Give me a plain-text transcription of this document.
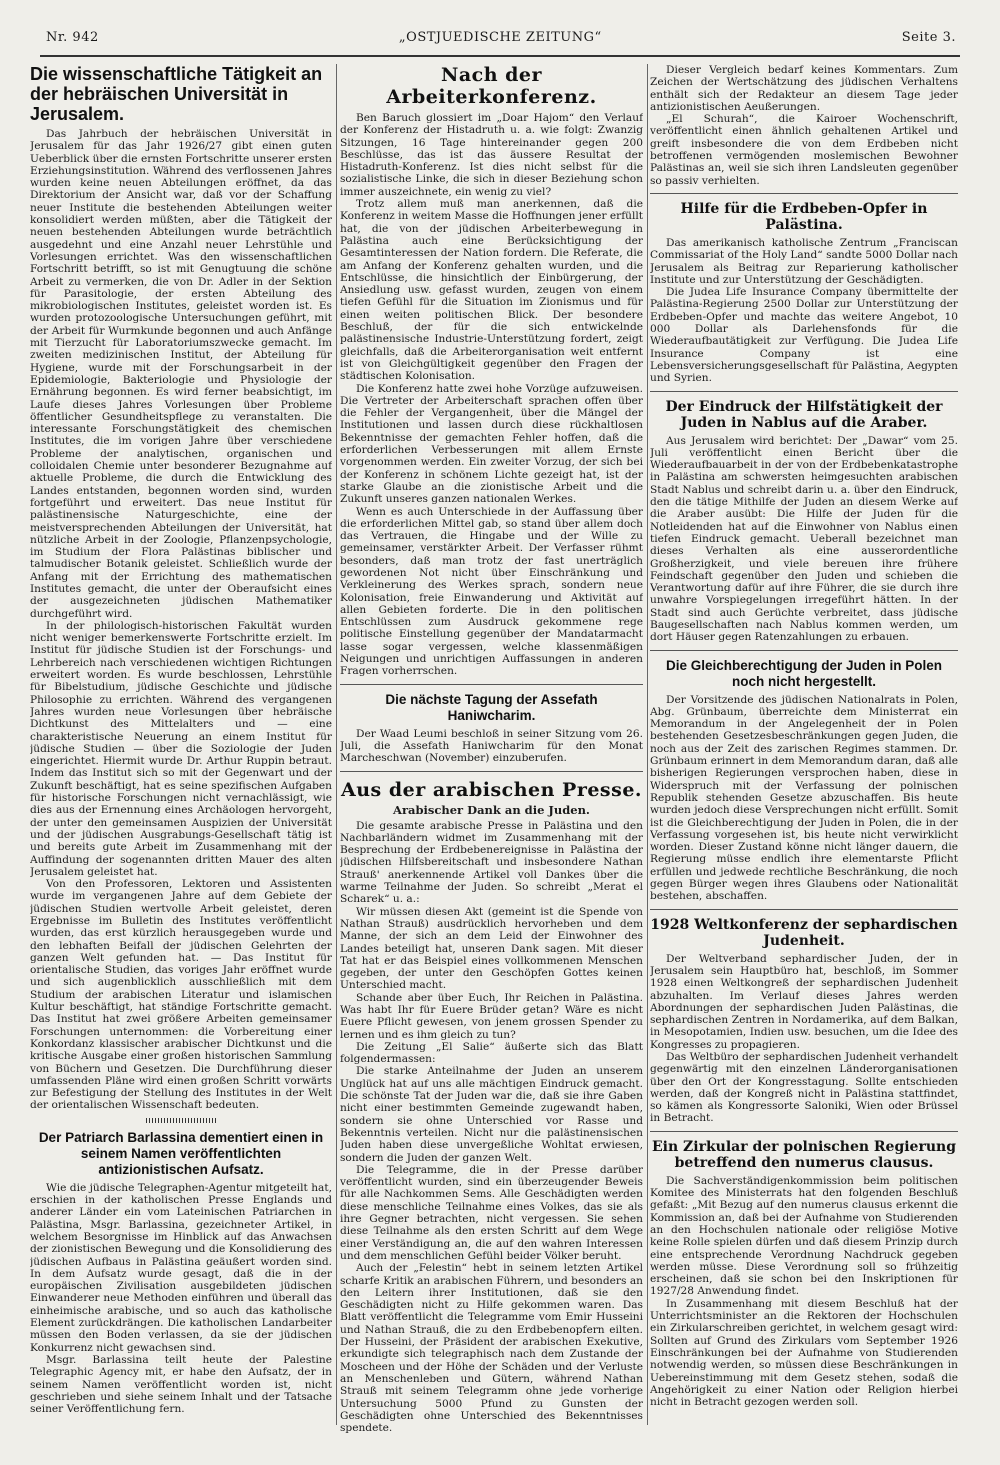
Nr. 942	„OSTJUEDISCHE ZEITUNG“	Seite 3.
Die wissenschaftliche Tätigkeit an der hebräischen Universität in Jerusalem.

Das Jahrbuch der hebräischen Universität in Jerusalem für das Jahr 1926/27 gibt einen guten Ueberblick über die ernsten Fortschritte unserer ersten Erziehungsinstitution. Während des verflossenen Jahres wurden keine neuen Abteilungen eröffnet, da das Direktorium der Ansicht war, daß vor der Schaffung neuer Institute die bestehenden Abteilungen weiter konsolidiert werden müßten, aber die Tätigkeit der neuen bestehenden Abteilungen wurde beträchtlich ausgedehnt und eine Anzahl neuer Lehrstühle und Vorlesungen errichtet. Was den wissenschaftlichen Fortschritt betrifft, so ist mit Genugtuung die schöne Arbeit zu vermerken, die von Dr. Adler in der Sektion für Parasitologie, der ersten Abteilung des mikrobiologischen Institutes, geleistet worden ist. Es wurden protozoologische Untersuchungen geführt, mit der Arbeit für Wurmkunde begonnen und auch Anfänge mit Tierzucht für Laboratoriumszwecke gemacht. Im zweiten medizinischen Institut, der Abteilung für Hygiene, wurde mit der Forschungsarbeit in der Epidemiologie, Bakteriologie und Physiologie der Ernährung begonnen. Es wird ferner beabsichtigt, im Laufe dieses Jahres Vorlesungen über Probleme öffentlicher Gesundheitspflege zu veranstalten. Die interessante Forschungstätigkeit des chemischen Institutes, die im vorigen Jahre über verschiedene Probleme der analytischen, organischen und colloidalen Chemie unter besonderer Bezugnahme auf aktuelle Probleme, die durch die Entwicklung des Landes entstanden, begonnen worden sind, wurden fortgeführt und erweitert. Das neue Institut für palästinensische Naturgeschichte, eine der meistversprechenden Abteilungen der Universität, hat nützliche Arbeit in der Zoologie, Pflanzenpsychologie, im Studium der Flora Palästinas biblischer und talmudischer Botanik geleistet. Schließlich wurde der Anfang mit der Errichtung des mathematischen Institutes gemacht, die unter der Oberaufsicht eines der ausgezeichneten jüdischen Mathematiker durchgeführt wird.

In der philologisch-historischen Fakultät wurden nicht weniger bemerkenswerte Fortschritte erzielt. Im Institut für jüdische Studien ist der Forschungs- und Lehrbereich nach verschiedenen wichtigen Richtungen erweitert worden. Es wurde beschlossen, Lehrstühle für Bibelstudium, jüdische Geschichte und jüdische Philosophie zu errichten. Während des vergangenen Jahres wurden neue Vorlesungen über hebräische Dichtkunst des Mittelalters und — eine charakteristische Neuerung an einem Institut für jüdische Studien — über die Soziologie der Juden eingerichtet. Hiermit wurde Dr. Arthur Ruppin betraut. Indem das Institut sich so mit der Gegenwart und der Zukunft beschäftigt, hat es seine spezifischen Aufgaben für historische Forschungen nicht vernachlässigt, wie dies aus der Ernennung eines Archäologen hervorgeht, der unter den gemeinsamen Auspizien der Universität und der jüdischen Ausgrabungs-Gesellschaft tätig ist und bereits gute Arbeit im Zusammenhang mit der Auffindung der sogenannten dritten Mauer des alten Jerusalem geleistet hat.

Von den Professoren, Lektoren und Assistenten wurde im vergangenen Jahre auf dem Gebiete der jüdischen Studien wertvolle Arbeit geleistet, deren Ergebnisse im Bulletin des Institutes veröffentlicht wurden, das erst kürzlich herausgegeben wurde und den lebhaften Beifall der jüdischen Gelehrten der ganzen Welt gefunden hat. — Das Institut für orientalische Studien, das voriges Jahr eröffnet wurde und sich augenblicklich ausschließlich mit dem Studium der arabischen Literatur und islamischen Kultur beschäftigt, hat ständige Fortschritte gemacht. Das Institut hat zwei größere Arbeiten gemeinsamer Forschungen unternommen: die Vorbereitung einer Konkordanz klassischer arabischer Dichtkunst und die kritische Ausgabe einer großen historischen Sammlung von Büchern und Gesetzen. Die Durchführung dieser umfassenden Pläne wird einen großen Schritt vorwärts zur Befestigung der Stellung des Institutes in der Welt der orientalischen Wissenschaft bedeuten.

Der Patriarch Barlassina dementiert einen in seinem Namen veröffentlichten antizionistischen Aufsatz.

Wie die jüdische Telegraphen-Agentur mitgeteilt hat, erschien in der katholischen Presse Englands und anderer Länder ein vom Lateinischen Patriarchen in Palästina, Msgr. Barlassina, gezeichneter Artikel, in welchem Besorgnisse im Hinblick auf das Anwachsen der zionistischen Bewegung und die Konsolidierung des jüdischen Aufbaus in Palästina geäußert worden sind. In dem Aufsatz wurde gesagt, daß die in der europäischen Zivilisation ausgebildeten jüdischen Einwanderer neue Methoden einführen und überall das einheimische arabische, und so auch das katholische Element zurückdrängen. Die katholischen Landarbeiter müssen den Boden verlassen, da sie der jüdischen Konkurrenz nicht gewachsen sind.

Msgr. Barlassina teilt heute der Palestine Telegraphic Agency mit, er habe den Aufsatz, der in seinem Namen veröffentlicht worden ist, nicht geschrieben und siehe seinem Inhalt und der Tatsache seiner Veröffentlichung fern.

Nach der Arbeiterkonferenz.

Ben Baruch glossiert im „Doar Hajom“ den Verlauf der Konferenz der Histadruth u. a. wie folgt: Zwanzig Sitzungen, 16 Tage hintereinander gegen 200 Beschlüsse, das ist das äussere Resultat der Histadruth-Konferenz. Ist dies nicht selbst für die sozialistische Linke, die sich in dieser Beziehung schon immer auszeichnete, ein wenig zu viel?

Trotz allem muß man anerkennen, daß die Konferenz in weitem Masse die Hoffnungen jener erfüllt hat, die von der jüdischen Arbeiterbewegung in Palästina auch eine Berücksichtigung der Gesamtinteressen der Nation fordern. Die Referate, die am Anfang der Konferenz gehalten wurden, und die Entschlüsse, die hinsichtlich der Einbürgerung, der Ansiedlung usw. gefasst wurden, zeugen von einem tiefen Gefühl für die Situation im Zionismus und für einen weiten politischen Blick. Der besondere Beschluß, der für die sich entwickelnde palästinensische Industrie-Unterstützung fordert, zeigt gleichfalls, daß die Arbeiterorganisation weit entfernt ist von Gleichgültigkeit gegenüber den Fragen der städtischen Kolonisation.

Die Konferenz hatte zwei hohe Vorzüge aufzuweisen. Die Vertreter der Arbeiterschaft sprachen offen über die Fehler der Vergangenheit, über die Mängel der Institutionen und lassen durch diese rückhaltlosen Bekenntnisse der gemachten Fehler hoffen, daß die erforderlichen Verbesserungen mit allem Ernste vorgenommen werden. Ein zweiter Vorzug, der sich bei der Konferenz in schönem Lichte gezeigt hat, ist der starke Glaube an die zionistische Arbeit und die Zukunft unseres ganzen nationalen Werkes.

Wenn es auch Unterschiede in der Auffassung über die erforderlichen Mittel gab, so stand über allem doch das Vertrauen, die Hingabe und der Wille zu gemeinsamer, verstärkter Arbeit. Der Verfasser rühmt besonders, daß man trotz der fast unerträglich gewordenen Not nicht über Einschränkung und Verkleinerung des Werkes sprach, sondern neue Kolonisation, freie Einwanderung und Aktivität auf allen Gebieten forderte. Die in den politischen Entschlüssen zum Ausdruck gekommene rege politische Einstellung gegenüber der Mandatarmacht lasse sogar vergessen, welche klassenmäßigen Neigungen und unrichtigen Auffassungen in anderen Fragen vorherrschen.

Die nächste Tagung der Assefath Haniwcharim.

Der Waad Leumi beschloß in seiner Sitzung vom 26. Juli, die Assefath Haniwcharim für den Monat Marcheschwan (November) einzuberufen.

Aus der arabischen Presse.
Arabischer Dank an die Juden.

Die gesamte arabische Presse in Palästina und den Nachbarländern widmet im Zusammenhang mit der Besprechung der Erdbebenereignisse in Palästina der jüdischen Hilfsbereitschaft und insbesondere Nathan Strauß' anerkennende Artikel voll Dankes über die warme Teilnahme der Juden. So schreibt „Merat el Scharek“ u. a.:

Wir müssen diesen Akt (gemeint ist die Spende von Nathan Strauß) ausdrücklich hervorheben und dem Manne, der sich an dem Leid der Einwohner des Landes beteiligt hat, unseren Dank sagen. Mit dieser Tat hat er das Beispiel eines vollkommenen Menschen gegeben, der unter den Geschöpfen Gottes keinen Unterschied macht.

Schande aber über Euch, Ihr Reichen in Palästina. Was habt Ihr für Euere Brüder getan? Wäre es nicht Euere Pflicht gewesen, von jenem grossen Spender zu lernen und es ihm gleich zu tun?

Die Zeitung „El Salie“ äußerte sich das Blatt folgendermassen:

Die starke Anteilnahme der Juden an unserem Unglück hat auf uns alle mächtigen Eindruck gemacht. Die schönste Tat der Juden war die, daß sie ihre Gaben nicht einer bestimmten Gemeinde zugewandt haben, sondern sie ohne Unterschied vor Rasse und Bekenntnis verteilen. Nicht nur die palästinensischen Juden haben diese unvergeßliche Wohltat erwiesen, sondern die Juden der ganzen Welt.

Die Telegramme, die in der Presse darüber veröffentlicht wurden, sind ein überzeugender Beweis für alle Nachkommen Sems. Alle Geschädigten werden diese menschliche Teilnahme eines Volkes, das sie als ihre Gegner betrachten, nicht vergessen. Sie sehen diese Teilnahme als den ersten Schritt auf dem Wege einer Verständigung an, die auf den wahren Interessen und dem menschlichen Gefühl beider Völker beruht.

Auch der „Felestin“ hebt in seinem letzten Artikel scharfe Kritik an arabischen Führern, und besonders an den Leitern ihrer Institutionen, daß sie den Geschädigten nicht zu Hilfe gekommen waren. Das Blatt veröffentlicht die Telegramme vom Emir Husseini und Nathan Strauß, die zu den Erdbebenopfern eilten. Der Husseini, der Präsident der arabischen Exekutive, erkundigte sich telegraphisch nach dem Zustande der Moscheen und der Höhe der Schäden und der Verluste an Menschenleben und Gütern, während Nathan Strauß mit seinem Telegramm ohne jede vorherige Untersuchung 5000 Pfund zu Gunsten der Geschädigten ohne Unterschied des Bekenntnisses spendete.

Dieser Vergleich bedarf keines Kommentars. Zum Zeichen der Wertschätzung des jüdischen Verhaltens enthält sich der Redakteur an diesem Tage jeder antizionistischen Aeußerungen.

„El Schurah“, die Kairoer Wochenschrift, veröffentlicht einen ähnlich gehaltenen Artikel und greift insbesondere die von dem Erdbeben nicht betroffenen vermögenden moslemischen Bewohner Palästinas an, weil sie sich ihren Landsleuten gegenüber so passiv verhielten.

Hilfe für die Erdbeben-Opfer in Palästina.

Das amerikanisch katholische Zentrum „Franciscan Commissariat of the Holy Land“ sandte 5000 Dollar nach Jerusalem als Beitrag zur Reparierung katholischer Institute und zur Unterstützung der Geschädigten.

Die Judea Life Insurance Company übermittelte der Palästina-Regierung 2500 Dollar zur Unterstützung der Erdbeben-Opfer und machte das weitere Angebot, 10 000 Dollar als Darlehensfonds für die Wiederaufbautätigkeit zur Verfügung. Die Judea Life Insurance Company ist eine Lebensversicherungsgesellschaft für Palästina, Aegypten und Syrien.

Der Eindruck der Hilfstätigkeit der Juden in Nablus auf die Araber.

Aus Jerusalem wird berichtet: Der „Dawar“ vom 25. Juli veröffentlicht einen Bericht über die Wiederaufbauarbeit in der von der Erdbebenkatastrophe in Palästina am schwersten heimgesuchten arabischen Stadt Nablus und schreibt darin u. a. über den Eindruck, den die tätige Mithilfe der Juden an diesem Werke auf die Araber ausübt: Die Hilfe der Juden für die Notleidenden hat auf die Einwohner von Nablus einen tiefen Eindruck gemacht. Ueberall bezeichnet man dieses Verhalten als eine ausserordentliche Großherzigkeit, und viele bereuen ihre frühere Feindschaft gegenüber den Juden und schieben die Verantwortung dafür auf ihre Führer, die sie durch ihre unwahre Vorspiegelungen irregeführt hätten. In der Stadt sind auch Gerüchte verbreitet, dass jüdische Baugesellschaften nach Nablus kommen werden, um dort Häuser gegen Ratenzahlungen zu erbauen.

Die Gleichberechtigung der Juden in Polen noch nicht hergestellt.

Der Vorsitzende des jüdischen Nationalrats in Polen, Abg. Grünbaum, überreichte dem Ministerrat ein Memorandum in der Angelegenheit der in Polen bestehenden Gesetzesbeschränkungen gegen Juden, die noch aus der Zeit des zarischen Regimes stammen. Dr. Grünbaum erinnert in dem Memorandum daran, daß alle bisherigen Regierungen versprochen haben, diese in Widerspruch mit der Verfassung der polnischen Republik stehenden Gesetze abzuschaffen. Bis heute wurden jedoch diese Versprechungen nicht erfüllt. Somit ist die Gleichberechtigung der Juden in Polen, die in der Verfassung vorgesehen ist, bis heute nicht verwirklicht worden. Dieser Zustand könne nicht länger dauern, die Regierung müsse endlich ihre elementarste Pflicht erfüllen und jedwede rechtliche Beschränkung, die noch gegen Bürger wegen ihres Glaubens oder Nationalität bestehen, abschaffen.

1928 Weltkonferenz der sephardischen Judenheit.

Der Weltverband sephardischer Juden, der in Jerusalem sein Hauptbüro hat, beschloß, im Sommer 1928 einen Weltkongreß der sephardischen Judenheit abzuhalten. Im Verlauf dieses Jahres werden Abordnungen der sephardischen Juden Palästinas, die sephardischen Zentren in Nordamerika, auf dem Balkan, in Mesopotamien, Indien usw. besuchen, um die Idee des Kongresses zu propagieren.

Das Weltbüro der sephardischen Judenheit verhandelt gegenwärtig mit den einzelnen Länderorganisationen über den Ort der Kongresstagung. Sollte entschieden werden, daß der Kongreß nicht in Palästina stattfindet, so kämen als Kongressorte Saloniki, Wien oder Brüssel in Betracht.

Ein Zirkular der polnischen Regierung betreffend den numerus clausus.

Die Sachverständigenkommission beim politischen Komitee des Ministerrats hat den folgenden Beschluß gefaßt: „Mit Bezug auf den numerus clausus erkennt die Kommission an, daß bei der Aufnahme von Studierenden an den Hochschulen nationale oder religiöse Motive keine Rolle spielen dürfen und daß diesem Prinzip durch eine entsprechende Verordnung Nachdruck gegeben werden müsse. Diese Verordnung soll so frühzeitig erscheinen, daß sie schon bei den Inskriptionen für 1927/28 Anwendung findet.

In Zusammenhang mit diesem Beschluß hat der Unterrichtsminister an die Rektoren der Hochschulen ein Zirkularschreiben gerichtet, in welchem gesagt wird: Sollten auf Grund des Zirkulars vom September 1926 Einschränkungen bei der Aufnahme von Studierenden notwendig werden, so müssen diese Beschränkungen in Uebereinstimmung mit dem Gesetz stehen, sodaß die Angehörigkeit zu einer Nation oder Religion hierbei nicht in Betracht gezogen werden soll.
